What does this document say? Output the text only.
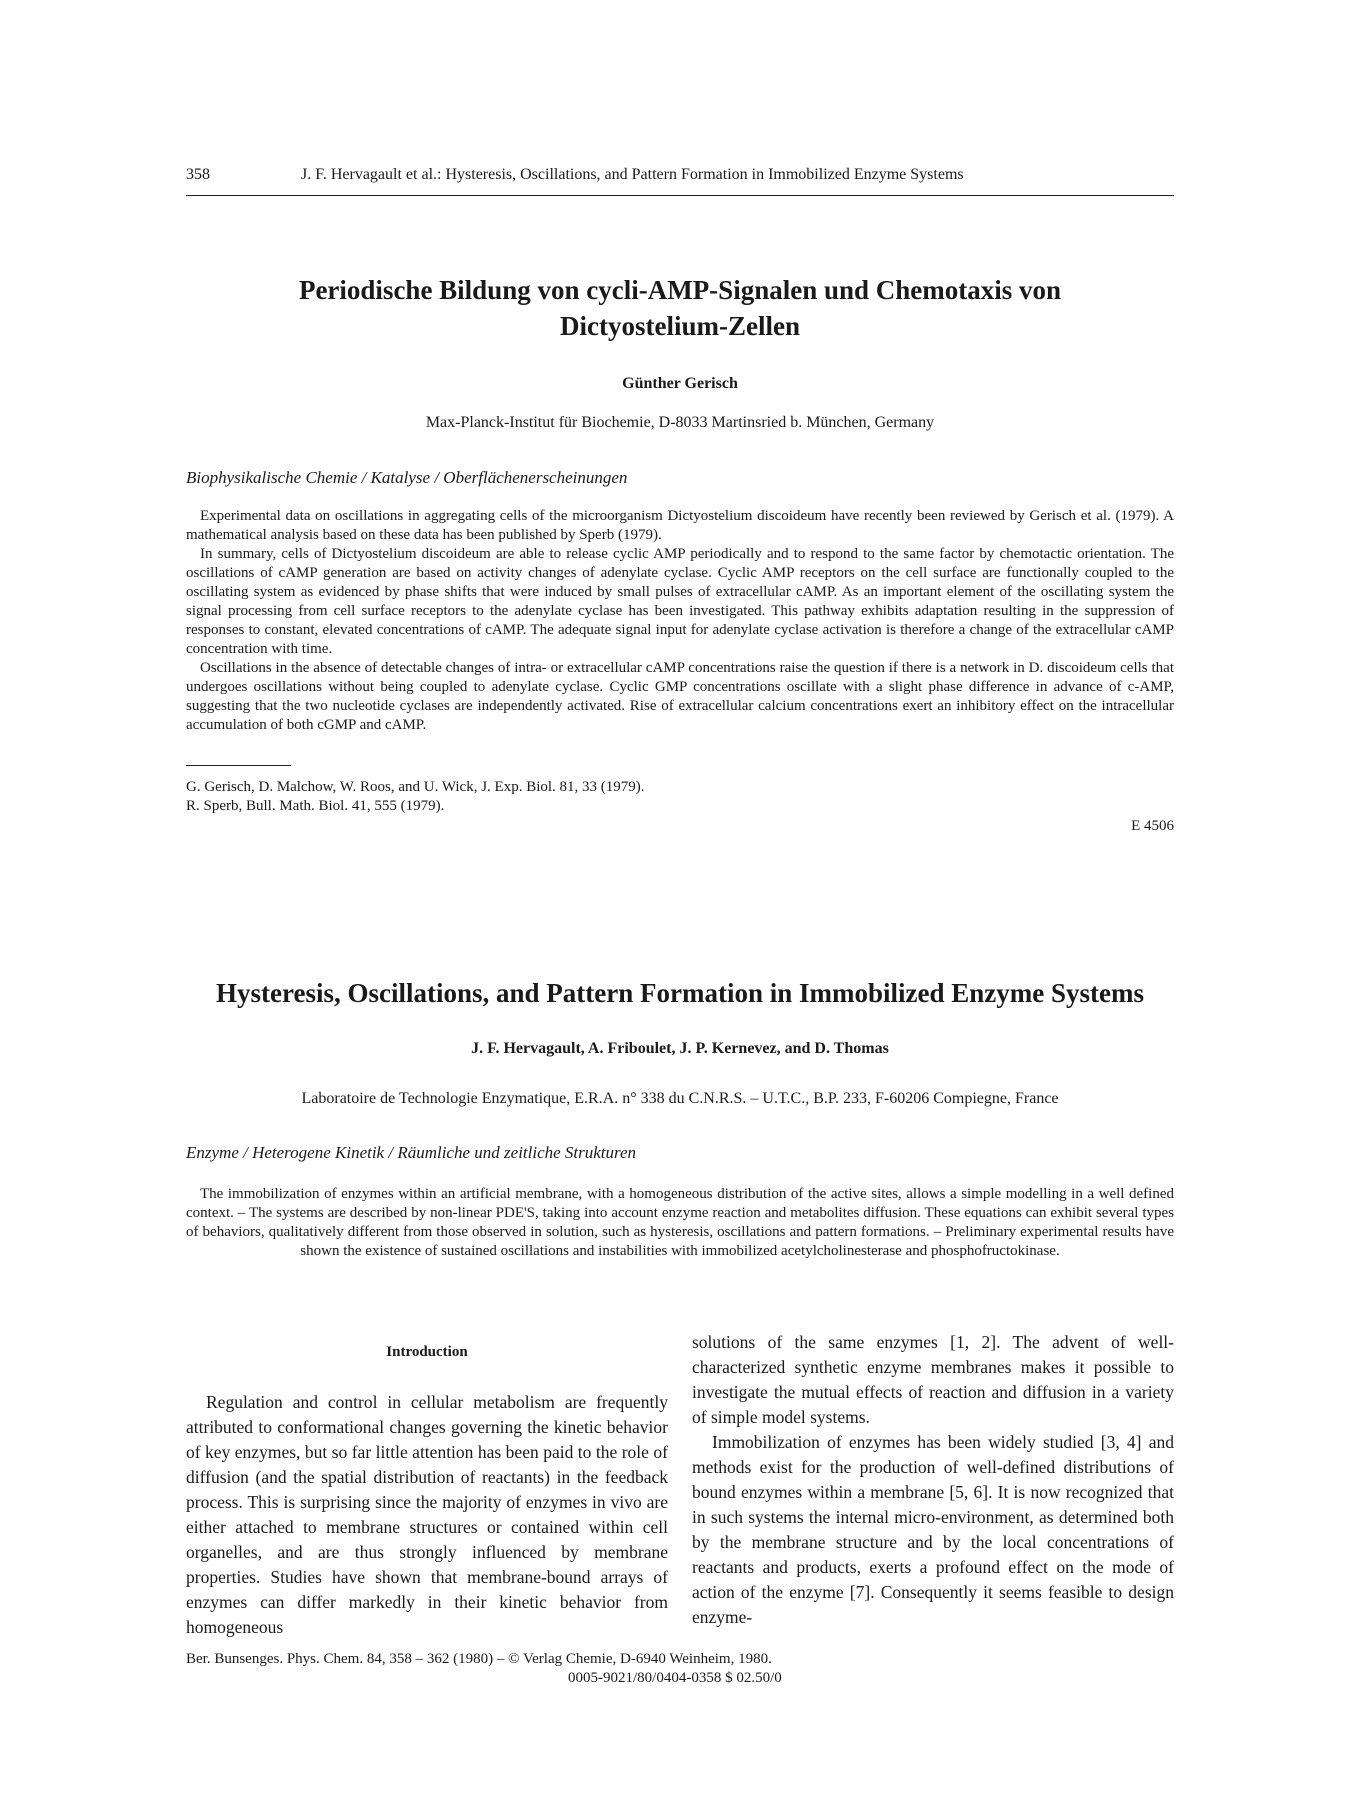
358	J. F. Hervagault et al.: Hysteresis, Oscillations, and Pattern Formation in Immobilized Enzyme Systems
Periodische Bildung von cycli-AMP-Signalen und Chemotaxis von Dictyostelium-Zellen
Günther Gerisch
Max-Planck-Institut für Biochemie, D-8033 Martinsried b. München, Germany
Biophysikalische Chemie / Katalyse / Oberflächenerscheinungen

Experimental data on oscillations in aggregating cells of the microorganism Dictyostelium discoideum have recently been reviewed by Gerisch et al. (1979). A mathematical analysis based on these data has been published by Sperb (1979).

In summary, cells of Dictyostelium discoideum are able to release cyclic AMP periodically and to respond to the same factor by chemotactic orientation. The oscillations of cAMP generation are based on activity changes of adenylate cyclase. Cyclic AMP receptors on the cell surface are functionally coupled to the oscillating system as evidenced by phase shifts that were induced by small pulses of extracellular cAMP. As an important element of the oscillating system the signal processing from cell surface receptors to the adenylate cyclase has been investigated. This pathway exhibits adaptation resulting in the suppression of responses to constant, elevated concentrations of cAMP. The adequate signal input for adenylate cyclase activation is therefore a change of the extracellular cAMP concentration with time.

Oscillations in the absence of detectable changes of intra- or extracellular cAMP concentrations raise the question if there is a network in D. discoideum cells that undergoes oscillations without being coupled to adenylate cyclase. Cyclic GMP concentrations oscillate with a slight phase difference in advance of c-AMP, suggesting that the two nucleotide cyclases are independently activated. Rise of extracellular calcium concentrations exert an inhibitory effect on the intracellular accumulation of both cGMP and cAMP.

G. Gerisch, D. Malchow, W. Roos, and U. Wick, J. Exp. Biol. 81, 33 (1979).
R. Sperb, Bull. Math. Biol. 41, 555 (1979).
E 4506
Hysteresis, Oscillations, and Pattern Formation in Immobilized Enzyme Systems
J. F. Hervagault, A. Friboulet, J. P. Kernevez, and D. Thomas
Laboratoire de Technologie Enzymatique, E.R.A. n° 338 du C.N.R.S. – U.T.C., B.P. 233, F-60206 Compiegne, France
Enzyme / Heterogene Kinetik / Räumliche und zeitliche Strukturen

The immobilization of enzymes within an artificial membrane, with a homogeneous distribution of the active sites, allows a simple modelling in a well defined context. – The systems are described by non-linear PDE'S, taking into account enzyme reaction and metabolites diffusion. These equations can exhibit several types of behaviors, qualitatively different from those observed in solution, such as hysteresis, oscillations and pattern formations. – Preliminary experimental results have shown the existence of sustained oscillations and instabilities with immobilized acetylcholinesterase and phosphofructokinase.

Introduction

Regulation and control in cellular metabolism are frequently attributed to conformational changes governing the kinetic behavior of key enzymes, but so far little attention has been paid to the role of diffusion (and the spatial distribution of reactants) in the feedback process. This is surprising since the majority of enzymes in vivo are either attached to membrane structures or contained within cell organelles, and are thus strongly influenced by membrane properties. Studies have shown that membrane-bound arrays of enzymes can differ markedly in their kinetic behavior from homogeneous

solutions of the same enzymes [1, 2]. The advent of well-characterized synthetic enzyme membranes makes it possible to investigate the mutual effects of reaction and diffusion in a variety of simple model systems.

Immobilization of enzymes has been widely studied [3, 4] and methods exist for the production of well-defined distributions of bound enzymes within a membrane [5, 6]. It is now recognized that in such systems the internal micro-environment, as determined both by the membrane structure and by the local concentrations of reactants and products, exerts a profound effect on the mode of action of the enzyme [7]. Consequently it seems feasible to design enzyme-

Ber. Bunsenges. Phys. Chem. 84, 358 – 362 (1980) – © Verlag Chemie, D-6940 Weinheim, 1980.
0005-9021/80/0404-0358 $ 02.50/0
